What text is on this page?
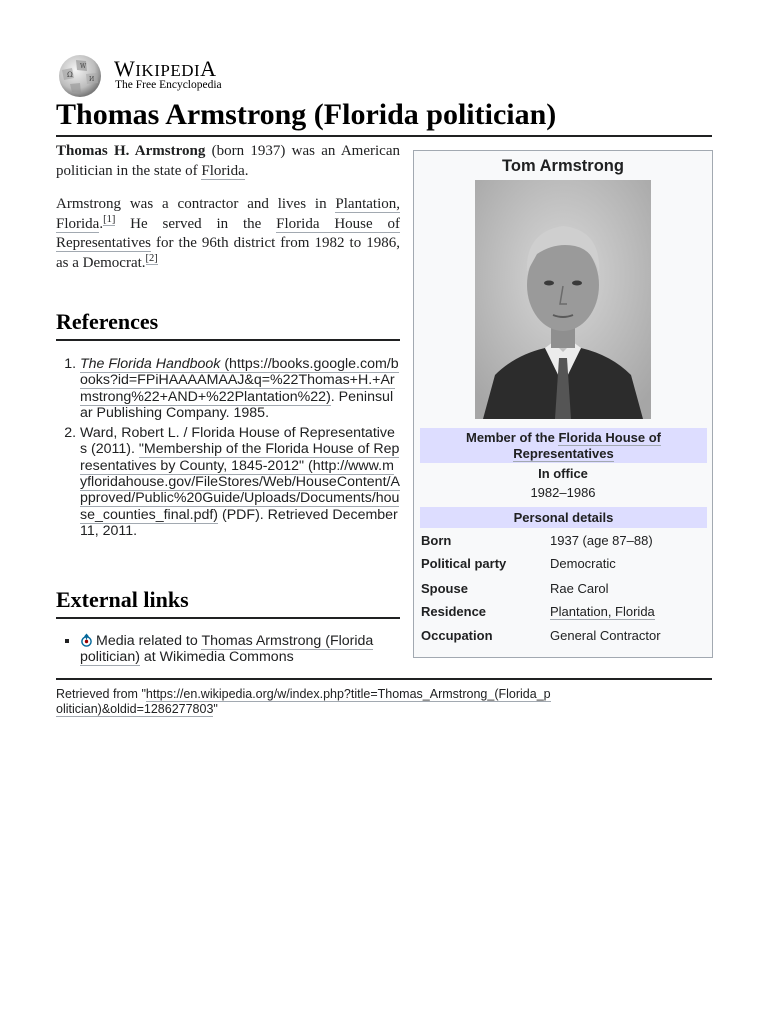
Ω
W
И WIKIPEDIA
The Free Encyclopedia
Thomas Armstrong (Florida politician)

Thomas H. Armstrong (born 1937) was an American politician in the state of Florida.

Armstrong was a contractor and lives in Plantation, Florida.[1] He served in the Florida House of Representatives for the 96th district from 1982 to 1986, as a Democrat.[2]

References
1. The Florida Handbook (https://books.google.com/books?id=FPiHAAAAMAAJ&q=%22Thomas+H.+Armstrong%22+AND+%22Plantation%22). Peninsular Publishing Company. 1985.
2. Ward, Robert L. / Florida House of Representatives (2011). "Membership of the Florida House of Representatives by County, 1845-2012" (http://www.myfloridahouse.gov/FileStores/Web/HouseContent/Approved/Public%20Guide/Uploads/Documents/house_counties_final.pdf) (PDF). Retrieved December 11, 2011.
External links
▪ Media related to Thomas Armstrong (Florida politician) at Wikimedia Commons
Tom Armstrong
Member of the Florida House of Representatives
In office
1982–1986
Personal details
Born	1937 (age 87–88)
Political party	Democratic
Spouse	Rae Carol
Residence	Plantation, Florida
Occupation	General Contractor
Retrieved from "https://en.wikipedia.org/w/index.php?title=Thomas_Armstrong_(Florida_politician)&oldid=1286277803"
